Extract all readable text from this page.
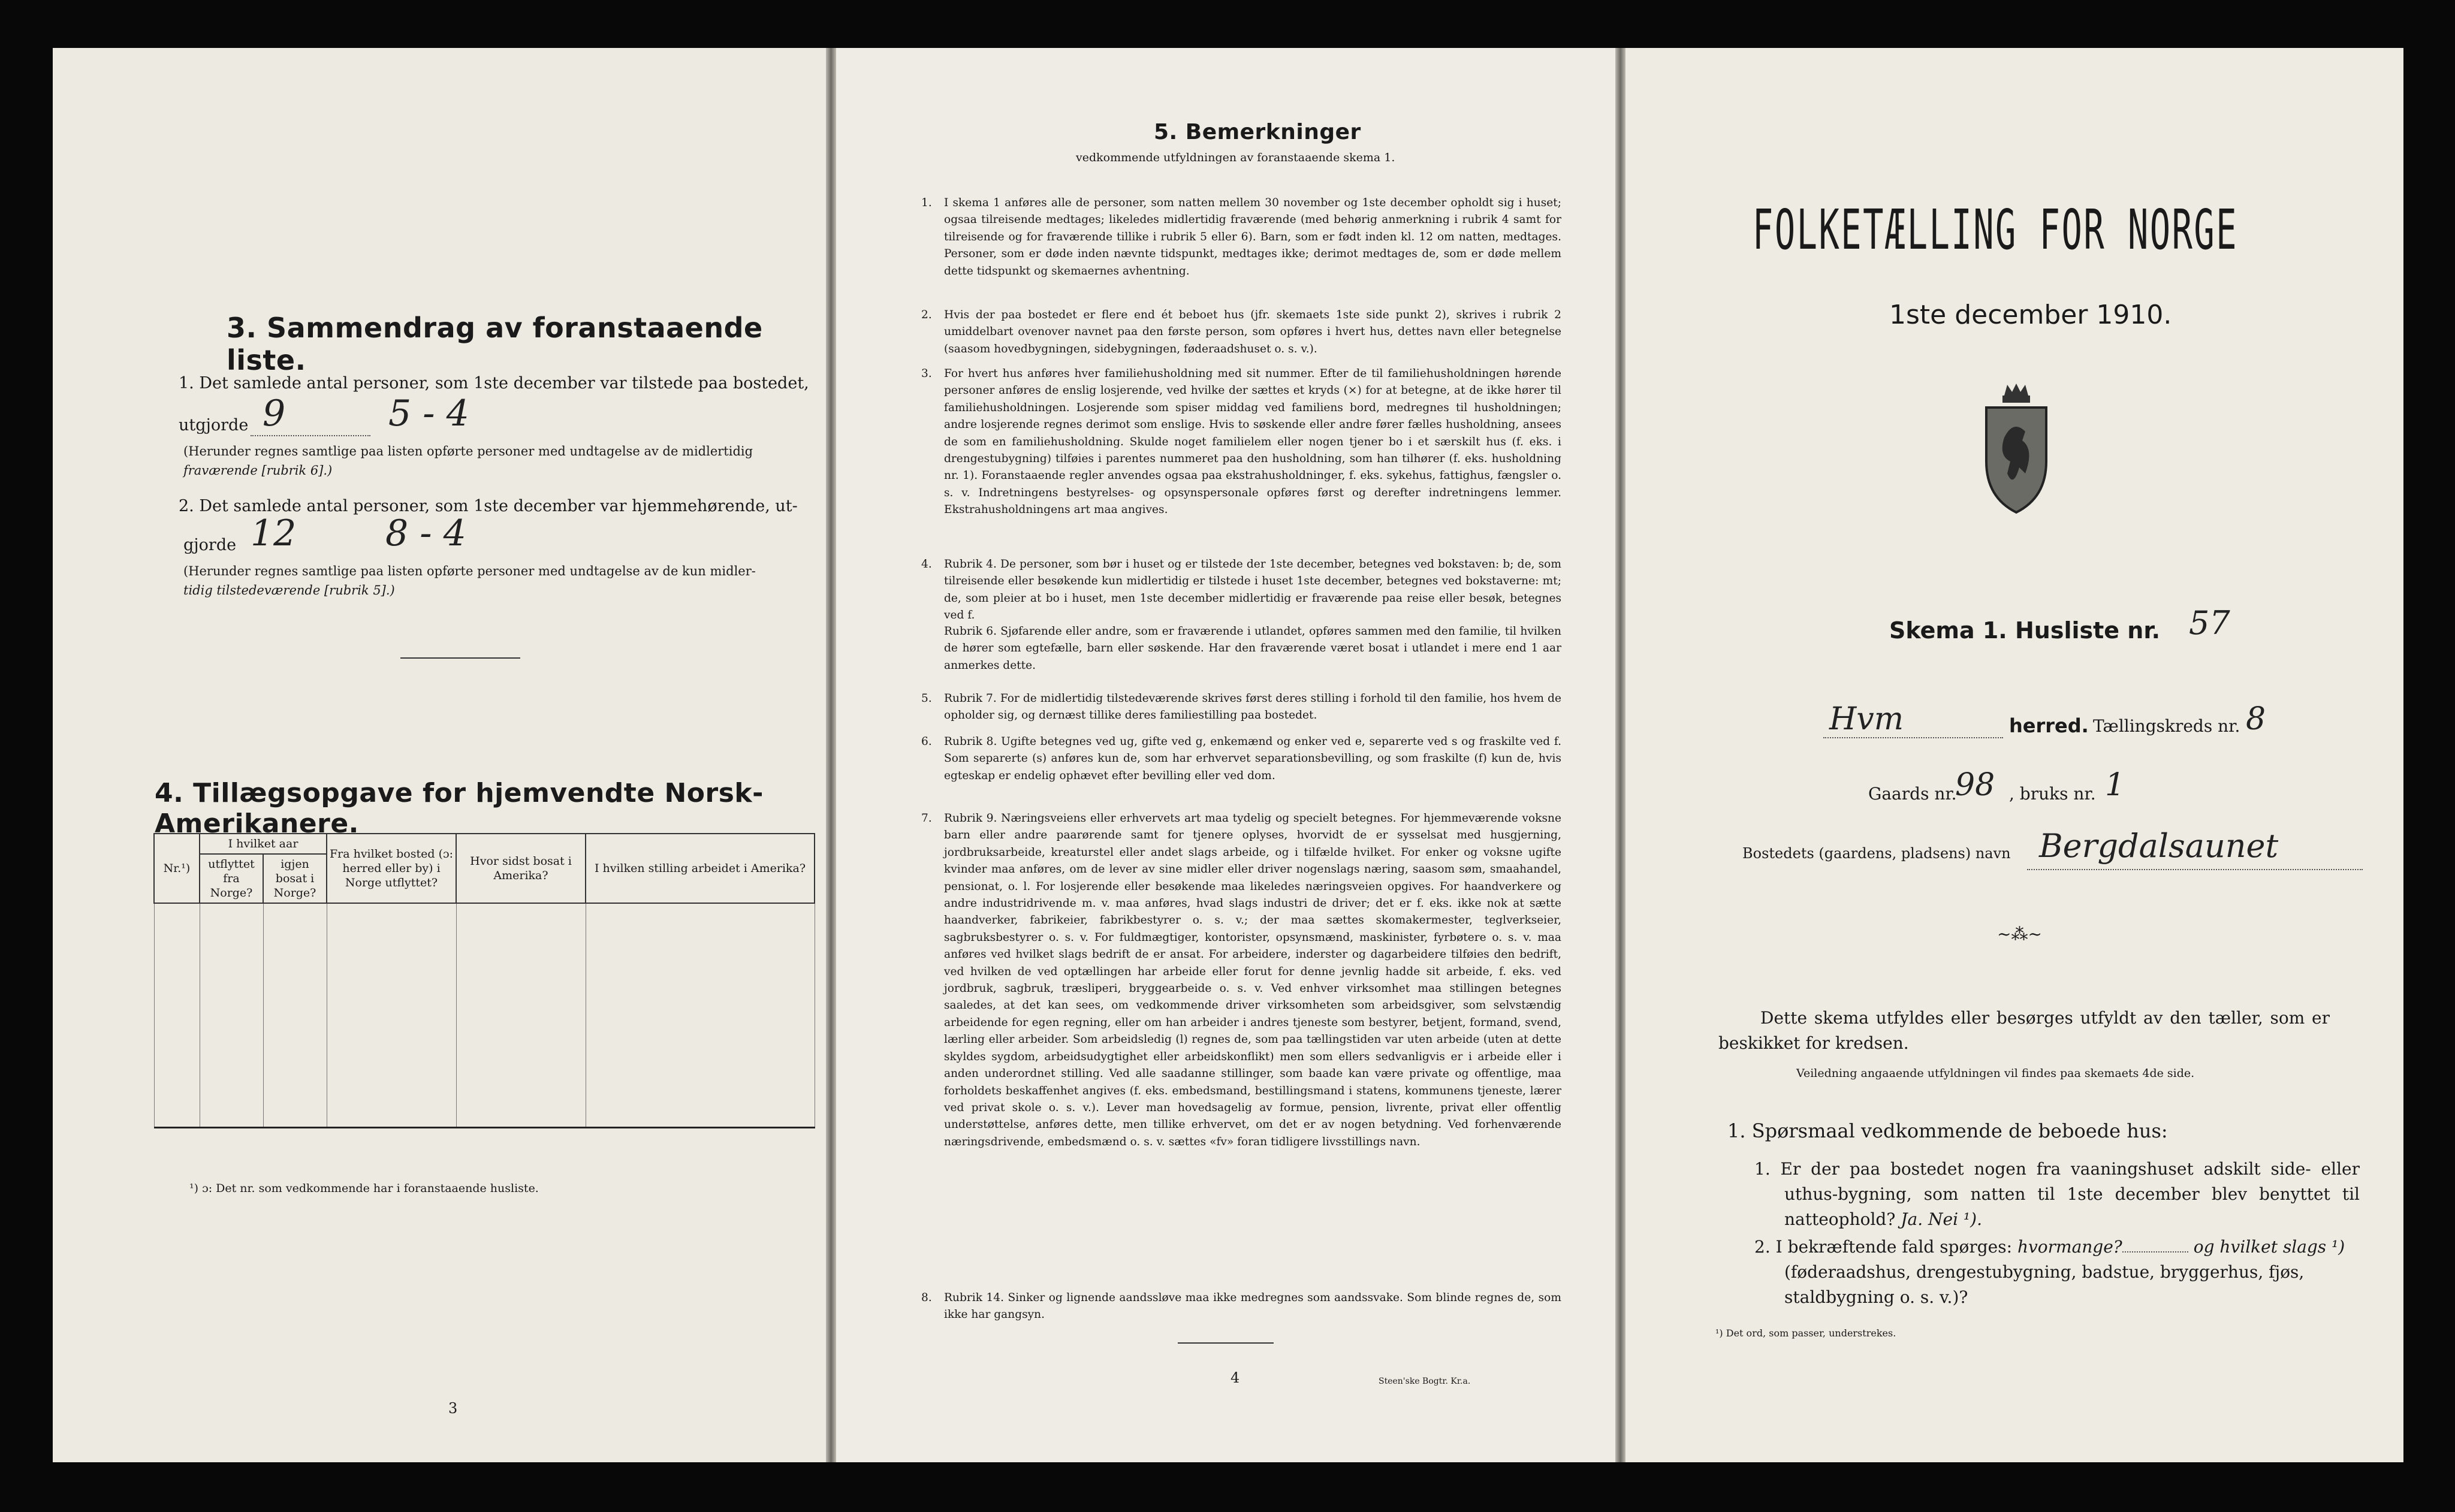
3. Sammendrag av foranstaaende liste.
1. Det samlede antal personer, som 1ste december var tilstede paa bostedet,
utgjorde 9	5 - 4
(Herunder regnes samtlige paa listen opførte personer med undtagelse av de midlertidig
fraværende [rubrik 6].)
2. Det samlede antal personer, som 1ste december var hjemmehørende, ut-
gjorde 12 8 - 4
(Herunder regnes samtlige paa listen opførte personer med undtagelse av de kun midler-
tidig tilstedeværende [rubrik 5].)
4. Tillægsopgave for hjemvendte Norsk-Amerikanere.
Nr.¹)	I hvilket aar		Fra hvilket bosted (ɔ: herred eller by) i Norge utflyttet?	Hvor sidst bosat i Amerika?	I hvilken stilling arbeidet i Amerika?
	utflyttet fra Norge?	igjen bosat i Norge?			

¹) ɔ: Det nr. som vedkommende har i foranstaaende husliste.
3
5. Bemerkninger
vedkommende utfyldningen av foranstaaende skema 1.
1. I skema 1 anføres alle de personer, som natten mellem 30 november og 1ste december opholdt sig i huset; ogsaa tilreisende medtages; likeledes midlertidig fraværende (med behørig anmerkning i rubrik 4 samt for tilreisende og for fraværende tillike i rubrik 5 eller 6). Barn, som er født inden kl. 12 om natten, medtages. Personer, som er døde inden nævnte tidspunkt, medtages ikke; derimot medtages de, som er døde mellem dette tidspunkt og skemaernes avhentning.
2. Hvis der paa bostedet er flere end ét beboet hus (jfr. skemaets 1ste side punkt 2), skrives i rubrik 2 umiddelbart ovenover navnet paa den første person, som opføres i hvert hus, dettes navn eller betegnelse (saasom hovedbygningen, sidebygningen, føderaadshuset o. s. v.).
3. For hvert hus anføres hver familiehusholdning med sit nummer. Efter de til familiehusholdningen hørende personer anføres de enslig losjerende, ved hvilke der sættes et kryds (×) for at betegne, at de ikke hører til familiehusholdningen. Losjerende som spiser middag ved familiens bord, medregnes til husholdningen; andre losjerende regnes derimot som enslige. Hvis to søskende eller andre fører fælles husholdning, ansees de som en familiehusholdning. Skulde noget familielem eller nogen tjener bo i et særskilt hus (f. eks. i drengestubygning) tilføies i parentes nummeret paa den husholdning, som han tilhører (f. eks. husholdning nr. 1). Foranstaaende regler anvendes ogsaa paa ekstrahusholdninger, f. eks. sykehus, fattighus, fængsler o. s. v. Indretningens bestyrelses- og opsynspersonale opføres først og derefter indretningens lemmer. Ekstrahusholdningens art maa angives.
4. Rubrik 4. De personer, som bør i huset og er tilstede der 1ste december, betegnes ved bokstaven: b; de, som tilreisende eller besøkende kun midlertidig er tilstede i huset 1ste december, betegnes ved bokstaverne: mt; de, som pleier at bo i huset, men 1ste december midlertidig er fraværende paa reise eller besøk, betegnes ved f.
Rubrik 6. Sjøfarende eller andre, som er fraværende i utlandet, opføres sammen med den familie, til hvilken de hører som egtefælle, barn eller søskende. Har den fraværende været bosat i utlandet i mere end 1 aar anmerkes dette.
5. Rubrik 7. For de midlertidig tilstedeværende skrives først deres stilling i forhold til den familie, hos hvem de opholder sig, og dernæst tillike deres familiestilling paa bostedet.
6. Rubrik 8. Ugifte betegnes ved ug, gifte ved g, enkemænd og enker ved e, separerte ved s og fraskilte ved f. Som separerte (s) anføres kun de, som har erhvervet separationsbevilling, og som fraskilte (f) kun de, hvis egteskap er endelig ophævet efter bevilling eller ved dom.
7. Rubrik 9. Næringsveiens eller erhvervets art maa tydelig og specielt betegnes. For hjemmeværende voksne barn eller andre paarørende samt for tjenere oplyses, hvorvidt de er sysselsat med husgjerning, jordbruksarbeide, kreaturstel eller andet slags arbeide, og i tilfælde hvilket. For enker og voksne ugifte kvinder maa anføres, om de lever av sine midler eller driver nogenslags næring, saasom søm, smaahandel, pensionat, o. l. For losjerende eller besøkende maa likeledes næringsveien opgives. For haandverkere og andre industridrivende m. v. maa anføres, hvad slags industri de driver; det er f. eks. ikke nok at sætte haandverker, fabrikeier, fabrikbestyrer o. s. v.; der maa sættes skomakermester, teglverkseier, sagbruksbestyrer o. s. v. For fuldmægtiger, kontorister, opsynsmænd, maskinister, fyrbøtere o. s. v. maa anføres ved hvilket slags bedrift de er ansat. For arbeidere, inderster og dagarbeidere tilføies den bedrift, ved hvilken de ved optællingen har arbeide eller forut for denne jevnlig hadde sit arbeide, f. eks. ved jordbruk, sagbruk, træsliperi, bryggearbeide o. s. v. Ved enhver virksomhet maa stillingen betegnes saaledes, at det kan sees, om vedkommende driver virksomheten som arbeidsgiver, som selvstændig arbeidende for egen regning, eller om han arbeider i andres tjeneste som bestyrer, betjent, formand, svend, lærling eller arbeider. Som arbeidsledig (l) regnes de, som paa tællingstiden var uten arbeide (uten at dette skyldes sygdom, arbeidsudygtighet eller arbeidskonflikt) men som ellers sedvanligvis er i arbeide eller i anden underordnet stilling. Ved alle saadanne stillinger, som baade kan være private og offentlige, maa forholdets beskaffenhet angives (f. eks. embedsmand, bestillingsmand i statens, kommunens tjeneste, lærer ved privat skole o. s. v.). Lever man hovedsagelig av formue, pension, livrente, privat eller offentlig understøttelse, anføres dette, men tillike erhvervet, om det er av nogen betydning. Ved forhenværende næringsdrivende, embedsmænd o. s. v. sættes «fv» foran tidligere livsstillings navn.
8. Rubrik 14. Sinker og lignende aandssløve maa ikke medregnes som aandssvake. Som blinde regnes de, som ikke har gangsyn.
4	Steen'ske Bogtr. Kr.a.
FOLKETÆLLING FOR NORGE
1ste december 1910.
Skema 1. Husliste nr. 57
Hvm	herred. Tællingskreds nr. 8
Gaards nr.
98 , bruks nr. 1
Bostedets (gaardens, pladsens) navn Bergdalsaunet
~⁂~
Dette skema utfyldes eller besørges utfyldt av den tæller, som er beskikket for kredsen.
Veiledning angaaende utfyldningen vil findes paa skemaets 4de side.
1. Spørsmaal vedkommende de beboede hus:
1. Er der paa bostedet nogen fra vaaningshuset adskilt side- eller uthus-bygning, som natten til 1ste december blev benyttet til natteophold? Ja. Nei ¹).
2. I bekræftende fald spørges: hvormange?	og hvilket slags ¹)
(føderaadshus, drengestubygning, badstue, bryggerhus, fjøs, staldbygning o. s. v.)?
¹) Det ord, som passer, understrekes.
